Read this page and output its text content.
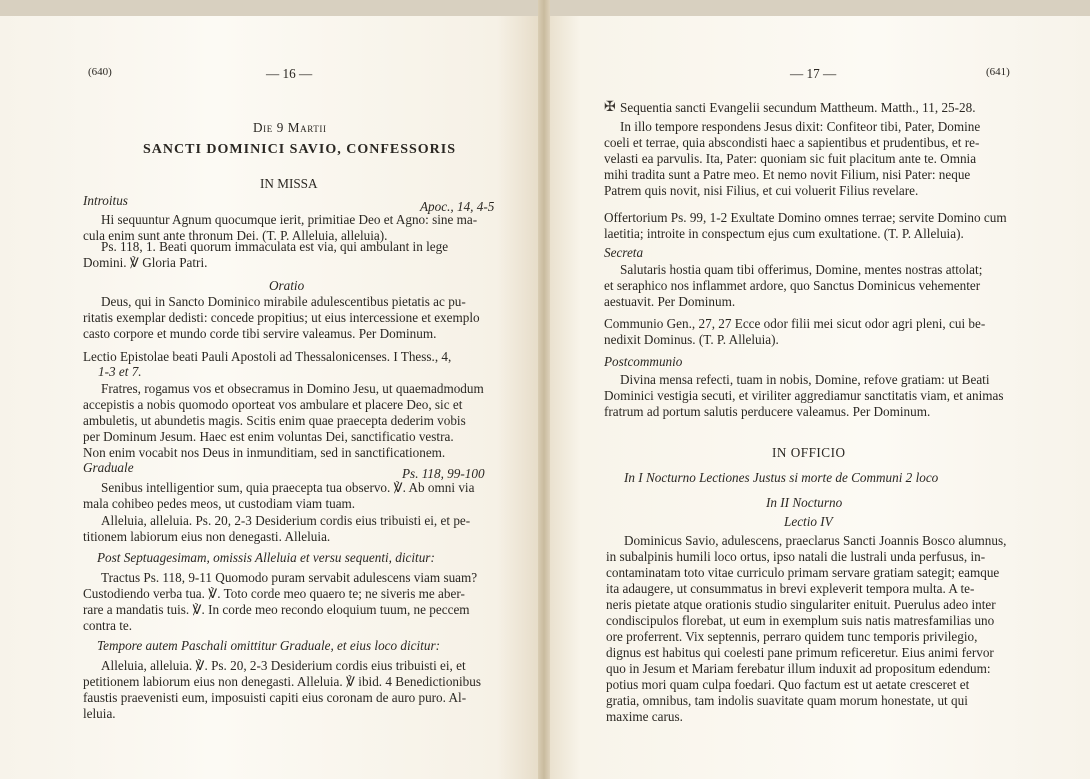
(640)	— 16 —
Die 9 Martii
SANCTI DOMINICI SAVIO, CONFESSORIS
IN MISSA
Introitus	Apoc., 14, 4-5
Hi sequuntur Agnum quocumque ierit, primitiae Deo et Agno: sine ma-
cula enim sunt ante thronum Dei. (T. P. Alleluia, alleluia).
Ps. 118, 1. Beati quorum immaculata est via, qui ambulant in lege
Domini. ℣ Gloria Patri.
Oratio
Deus, qui in Sancto Dominico mirabile adulescentibus pietatis ac pu-
ritatis exemplar dedisti: concede propitius; ut eius intercessione et exemplo
casto corpore et mundo corde tibi servire valeamus. Per Dominum.
Lectio Epistolae beati Pauli Apostoli ad Thessalonicenses. I Thess., 4,
1-3 et 7.
Fratres, rogamus vos et obsecramus in Domino Jesu, ut quaemadmodum
accepistis a nobis quomodo oporteat vos ambulare et placere Deo, sic et
ambuletis, ut abundetis magis. Scitis enim quae praecepta dederim vobis
per Dominum Jesum. Haec est enim voluntas Dei, sanctificatio vestra.
Non enim vocabit nos Deus in inmunditiam, sed in sanctificationem.
Graduale	Ps. 118, 99-100
Senibus intelligentior sum, quia praecepta tua observo. ℣. Ab omni via
mala cohibeo pedes meos, ut custodiam viam tuam.
Alleluia, alleluia. Ps. 20, 2-3 Desiderium cordis eius tribuisti ei, et pe-
titionem labiorum eius non denegasti. Alleluia.
Post Septuagesimam, omissis Alleluia et versu sequenti, dicitur:
Tractus Ps. 118, 9-11 Quomodo puram servabit adulescens viam suam?
Custodiendo verba tua. ℣. Toto corde meo quaero te; ne siveris me aber-
rare a mandatis tuis. ℣. In corde meo recondo eloquium tuum, ne peccem
contra te.
Tempore autem Paschali omittitur Graduale, et eius loco dicitur:
Alleluia, alleluia. ℣. Ps. 20, 2-3 Desiderium cordis eius tribuisti ei, et
petitionem labiorum eius non denegasti. Alleluia. ℣ ibid. 4 Benedictionibus
faustis praevenisti eum, imposuisti capiti eius coronam de auro puro. Al-
leluia.
— 17 —	(641)
✠ Sequentia sancti Evangelii secundum Mattheum. Matth., 11, 25-28.
In illo tempore respondens Jesus dixit: Confiteor tibi, Pater, Domine
coeli et terrae, quia abscondisti haec a sapientibus et prudentibus, et re-
velasti ea parvulis. Ita, Pater: quoniam sic fuit placitum ante te. Omnia
mihi tradita sunt a Patre meo. Et nemo novit Filium, nisi Pater: neque
Patrem quis novit, nisi Filius, et cui voluerit Filius revelare.
Offertorium Ps. 99, 1-2 Exultate Domino omnes terrae; servite Domino cum
laetitia; introite in conspectum ejus cum exultatione. (T. P. Alleluia).
Secreta
Salutaris hostia quam tibi offerimus, Domine, mentes nostras attolat;
et seraphico nos inflammet ardore, quo Sanctus Dominicus vehementer
aestuavit. Per Dominum.
Communio Gen., 27, 27 Ecce odor filii mei sicut odor agri pleni, cui be-
nedixit Dominus. (T. P. Alleluia).
Postcommunio
Divina mensa refecti, tuam in nobis, Domine, refove gratiam: ut Beati
Dominici vestigia secuti, et viriliter aggrediamur sanctitatis viam, et animas
fratrum ad portum salutis perducere valeamus. Per Dominum.
IN OFFICIO
In I Nocturno Lectiones Justus si morte de Communi 2 loco
In II Nocturno
Lectio IV
Dominicus Savio, adulescens, praeclarus Sancti Joannis Bosco alumnus,
in subalpinis humili loco ortus, ipso natali die lustrali unda perfusus, in-
contaminatam toto vitae curriculo primam servare gratiam sategit; eamque
ita adaugere, ut consummatus in brevi expleverit tempora multa. A te-
neris pietate atque orationis studio singulariter enituit. Puerulus adeo inter
condiscipulos florebat, ut eum in exemplum suis natis matresfamilias uno
ore proferrent. Vix septennis, perraro quidem tunc temporis privilegio,
dignus est habitus qui coelesti pane primum reficeretur. Eius animi fervor
quo in Jesum et Mariam ferebatur illum induxit ad propositum edendum:
potius mori quam culpa foedari. Quo factum est ut aetate cresceret et
gratia, omnibus, tam indolis suavitate quam morum honestate, ut qui
maxime carus.
